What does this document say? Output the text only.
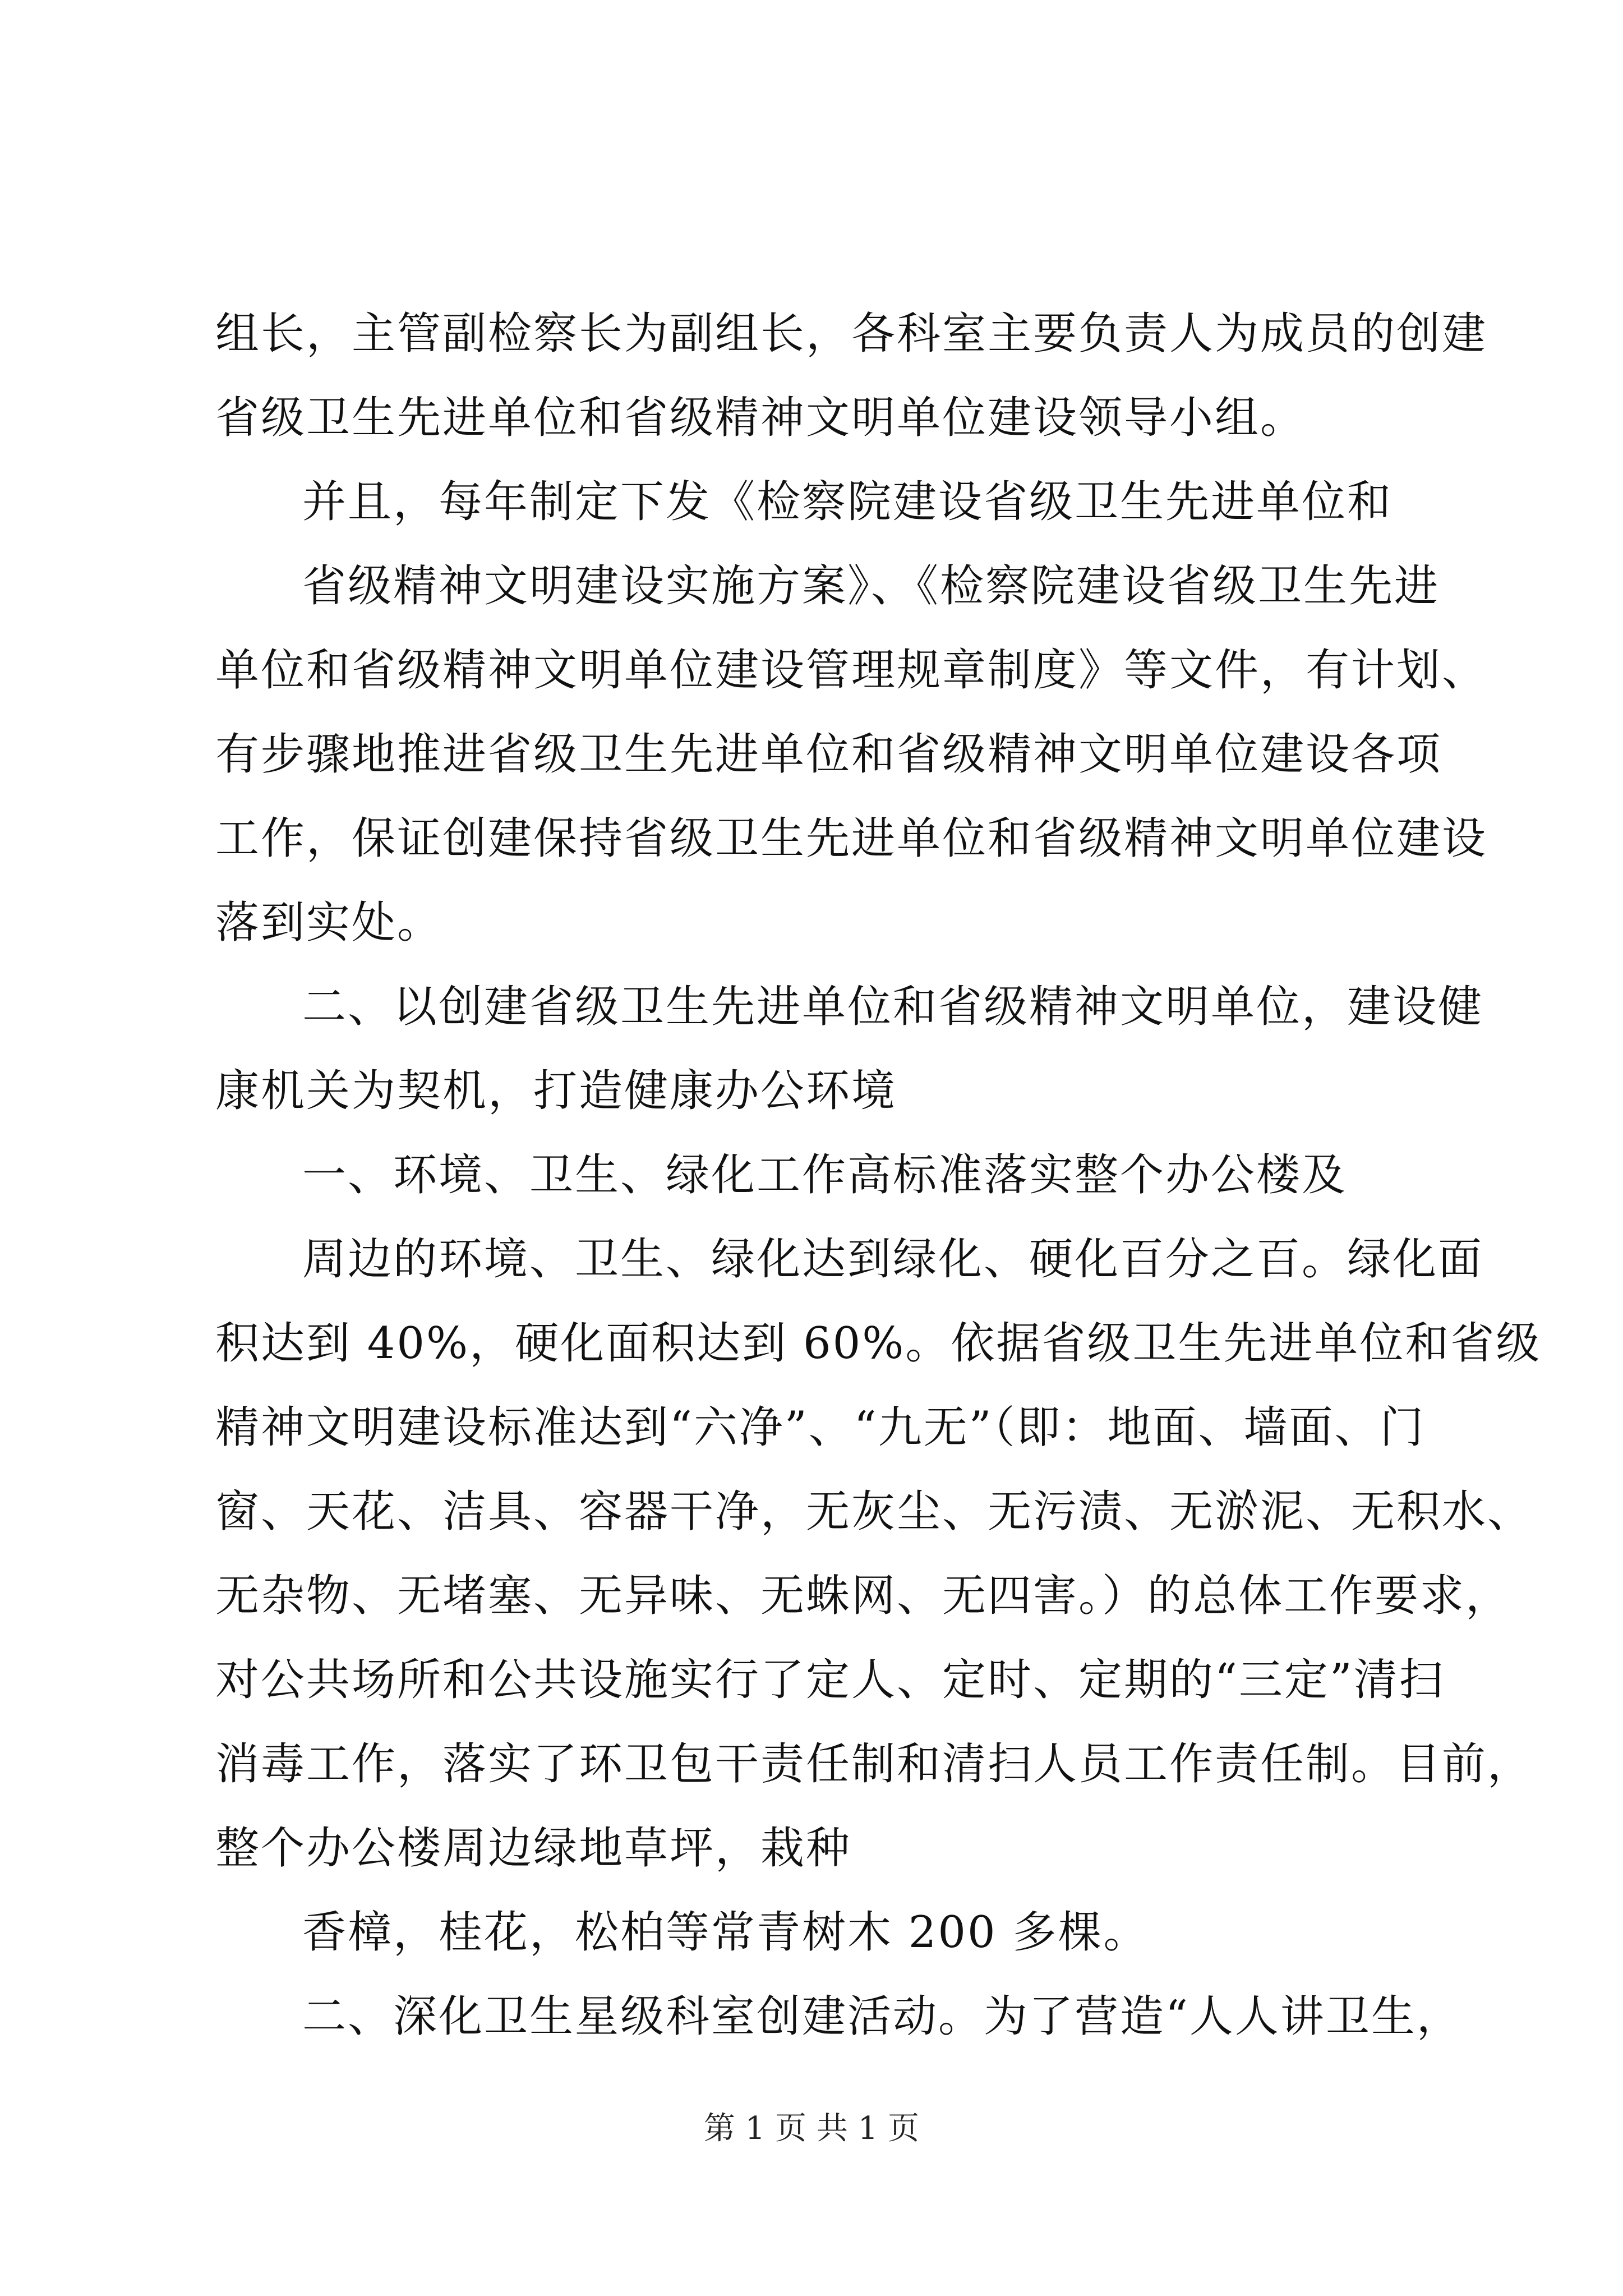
组长，主管副检察长为副组长，各科室主要负责人为成员的创建
省级卫生先进单位和省级精神文明单位建设领导小组。
并且，每年制定下发《检察院建设省级卫生先进单位和
省级精神文明建设实施方案》、《检察院建设省级卫生先进
单位和省级精神文明单位建设管理规章制度》等文件，有计划、
有步骤地推进省级卫生先进单位和省级精神文明单位建设各项
工作，保证创建保持省级卫生先进单位和省级精神文明单位建设
落到实处。
二、以创建省级卫生先进单位和省级精神文明单位，建设健
康机关为契机，打造健康办公环境
一、环境、卫生、绿化工作高标准落实整个办公楼及
周边的环境、卫生、绿化达到绿化、硬化百分之百。绿化面
积达到 40%，硬化面积达到 60%。依据省级卫生先进单位和省级
精神文明建设标准达到“六净”、“九无”（即：地面、墙面、门
窗、天花、洁具、容器干净，无灰尘、无污渍、无淤泥、无积水、
无杂物、无堵塞、无异味、无蛛网、无四害。）的总体工作要求，
对公共场所和公共设施实行了定人、定时、定期的“三定”清扫
消毒工作，落实了环卫包干责任制和清扫人员工作责任制。目前，
整个办公楼周边绿地草坪，栽种
香樟，桂花，松柏等常青树木 200 多棵。
二、深化卫生星级科室创建活动。为了营造“人人讲卫生，
第 1 页 共 1 页
